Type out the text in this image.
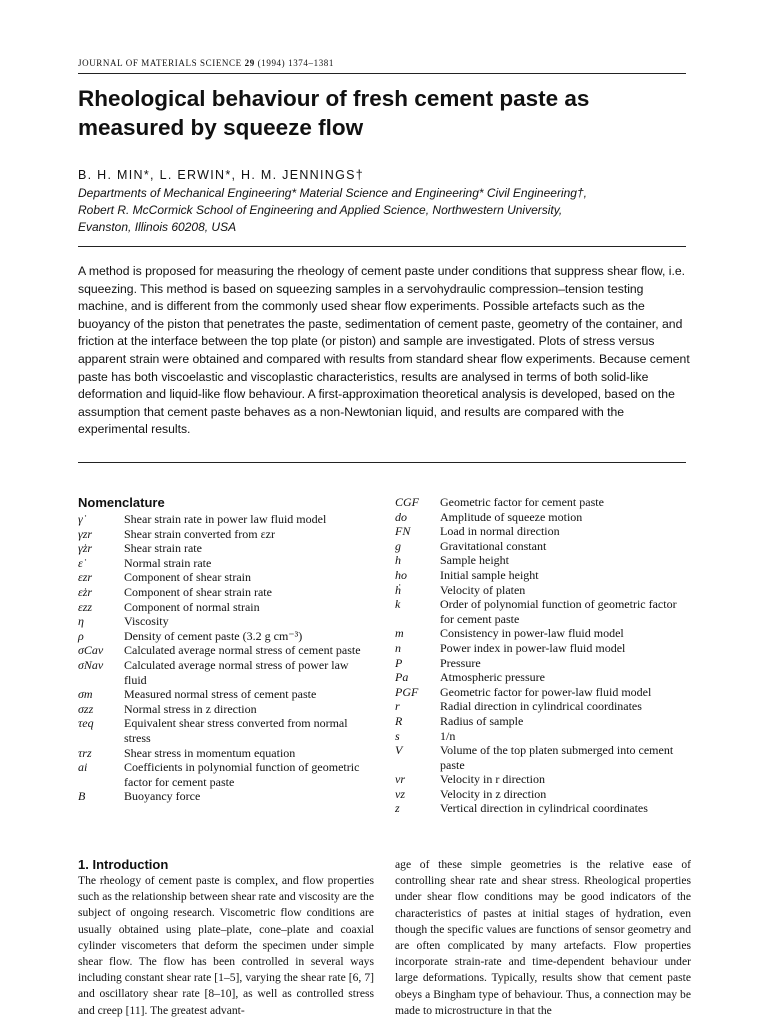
JOURNAL OF MATERIALS SCIENCE 29 (1994) 1374–1381
Rheological behaviour of fresh cement paste as measured by squeeze flow
B. H. MIN*, L. ERWIN*, H. M. JENNINGS†
Departments of Mechanical Engineering* Material Science and Engineering* Civil Engineering†,
Robert R. McCormick School of Engineering and Applied Science, Northwestern University,
Evanston, Illinois 60208, USA
A method is proposed for measuring the rheology of cement paste under conditions that suppress shear flow, i.e. squeezing. This method is based on squeezing samples in a servohydraulic compression–tension testing machine, and is different from the commonly used shear flow experiments. Possible artefacts such as the buoyancy of the piston that penetrates the paste, sedimentation of cement paste, geometry of the container, and friction at the interface between the top plate (or piston) and sample are investigated. Plots of stress versus apparent strain were obtained and compared with results from standard shear flow experiments. Because cement paste has both viscoelastic and viscoplastic characteristics, results are analysed in terms of both solid-like deformation and liquid-like flow behaviour. A first-approximation theoretical analysis is developed, based on the assumption that cement paste behaves as a non-Newtonian liquid, and results are compared with the experimental results.
Nomenclature
γ̇	Shear strain rate in power law fluid model
γzr	Shear strain converted from εzr
γ̇zr	Shear strain rate
ε̇	Normal strain rate
εzr	Component of shear strain
ε̇zr	Component of shear strain rate
εzz	Component of normal strain
η	Viscosity
ρ	Density of cement paste (3.2 g cm⁻³)
σCav	Calculated average normal stress of cement paste
σNav	Calculated average normal stress of power law fluid
σm	Measured normal stress of cement paste
σzz	Normal stress in z direction
τeq	Equivalent shear stress converted from normal stress
τrz	Shear stress in momentum equation
ai	Coefficients in polynomial function of geometric factor for cement paste
B	Buoyancy force
CGF	Geometric factor for cement paste
do	Amplitude of squeeze motion
FN	Load in normal direction
g	Gravitational constant
h	Sample height
ho	Initial sample height
ḣ	Velocity of platen
k	Order of polynomial function of geometric factor for cement paste
m	Consistency in power-law fluid model
n	Power index in power-law fluid model
P	Pressure
Pa	Atmospheric pressure
PGF	Geometric factor for power-law fluid model
r	Radial direction in cylindrical coordinates
R	Radius of sample
s	1/n
V	Volume of the top platen submerged into cement paste
vr	Velocity in r direction
vz	Velocity in z direction
z	Vertical direction in cylindrical coordinates
1. Introduction
The rheology of cement paste is complex, and flow properties such as the relationship between shear rate and viscosity are the subject of ongoing research. Viscometric flow conditions are usually obtained using plate–plate, cone–plate and coaxial cylinder viscometers that deform the specimen under simple shear flow. The flow has been controlled in several ways including constant shear rate [1–5], varying the shear rate [6, 7] and oscillatory shear rate [8–10], as well as controlled stress and creep [11]. The greatest advant-
age of these simple geometries is the relative ease of controlling shear rate and shear stress. Rheological properties under shear flow conditions may be good indicators of the characteristics of pastes at initial stages of hydration, even though the specific values are functions of sensor geometry and are often complicated by many artefacts. Flow properties incorporate strain-rate and time-dependent behaviour under large deformations. Typically, results show that cement paste obeys a Bingham type of behaviour. Thus, a connection may be made to microstructure in that the
